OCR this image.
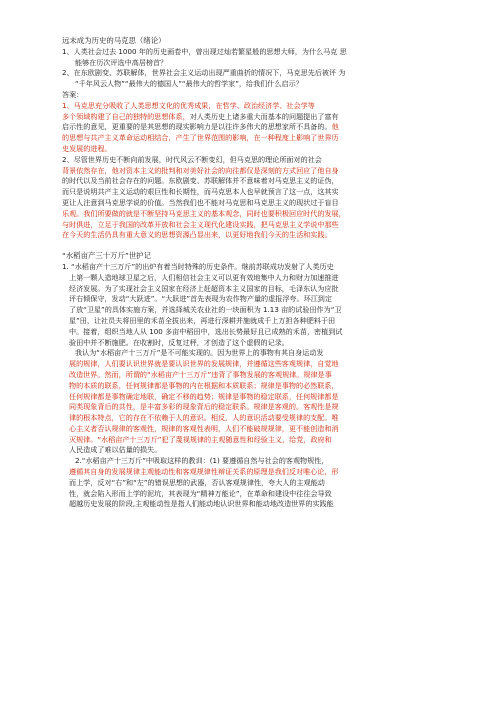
远未成为历史的马克思（绪论）
1、人类社会过去 1000 年的历史画卷中，曾出现过灿若繁星般的思想大师，为什么马克 思
能够在历次评选中高居榜首？
2、在东欧剧变、苏联解体，世界社会主义运动出现严重曲折的情况下，马克思先后被评 为
“千年风云人物”“最伟大的德国人”“最伟大的哲学家”，给我们什么启示？
答案：
1、马克思充分吸收了人类思想文化的优秀成果，在哲学、政治经济学、社会学等
多个领域构建了自己的独特的思想体系，对人类历史上诸多重大而基本的问题提出了富有
启示性的意见，更重要的是其思想的现实影响力是以往许多伟大的思想家所不具备的。他
的思想与共产主义革命运动相结合，产生了世界范围的影响，在一种程度上影响了世界历
史发展的进程。
2、尽管世界历史不断向前发展，时代风云不断变幻，但马克思的理论所面对的社会
背景依然存在，他对资本主义的批判和对美好社会的向往都仅是深刻的方式回应了他自身
的时代以及当前社会存在的问题。东欧剧变、苏联解体并不意味着对马克思主义的证伪，
而只是说明共产主义运动的艰巨性和长期性，而马克思本人也早就预言了这一点，这其实
更让人注意到马克思学说的价值。当然我们也不能对马克思和马克思主义的现状过于盲目
乐观。我们所要做的就是不断坚持马克思主义的基本观念，同时也要积极回应时代的发展，
与时俱进，立足于我国的改革开放和社会主义现代化建设实践，把马克思主义学说中那些
在今天的生活仍具有重大意义的思想资源凸显出来，以更好地我们今天的生活和实践。
“水稻亩产三十万斤”世护记
1. “水稻亩产十三万斤”的出炉有着当时特殊的历史条件。继前苏联成功发射了人类历史
上第一颗人造地球卫星之后，人们相信社会主义可以更有效地集中人力和财力加速推进
经济发展。为了实现社会主义国家在经济上赶超资本主义国家的目标，毛泽东认为应批
评右倾保守，发动“大跃进”。“大跃进”首先表现为农作物产量的虚报浮夸。环江到定
了放“卫星”的具体实施方案，并选择城关农业社的一块面积为 1.13 亩的试验田作为“卫
星”田，让社员夫将田里的禾苗全拔出来，再进行深耕并施就成千上万担各种肥料于田
中。接着，组织当地人从 100 多亩中稻田中，选出长势最好且已成熟的禾苗，密植到试
验田中并不断施肥。在收割时，反复过秤，才创造了这个虚假的记录。
我认为“水稻亩产十三万斤”是不可能实现的。因为世界上的事物有其自身运动发
展的规律，人们要认识世界就是要认识世界的发展规律，并遵循这些客观规律，自觉地
改造世界。然而，所谓的“水稻亩产十三万斤”违背了事物发展的客观规律。规律是事
物的本质的联系，任何规律都是事物的内在根据和本质联系；规律是事物的必然联系，
任何规律都是事物确定地联，确定不移的趋势；规律是事物的稳定联系，任何规律都是
同类现象背后的共性，是丰富多彩的现象背后的稳定联系。规律是客观的。客观性是规
律的根本特点，它的存在不依赖于人的意识。相反，人的意识活动要受规律的支配。唯
心主义者否认规律的客观性，规律的客观性表明，人们不能破规规律，更不能创造和消
灭规律。“水稻亩产十三万斤”犯了蔑视规律的主观随意性和经验主义，给党，政府和
人民造成了难以估量的损失。
2.“水稻亩产十三万斤”中吸取这样的教训：(1) 要遵循自然与社会的客观物规性，
遵循其自身的发展规律主观能动性和客观规律性辩证关系的原理是我们反对唯心论，形
而上学，反对“右”和“左”的错误思想的武器，否认客观规律性，夸大人的主观能动
性，就会陷入形而上学的泥坑，其表现为“精神万能论”，在革命和建设中往往会导致
超越历史发展的阶段,主观能动性是指人们能动地认识世界和能动地改造世界的实践能
